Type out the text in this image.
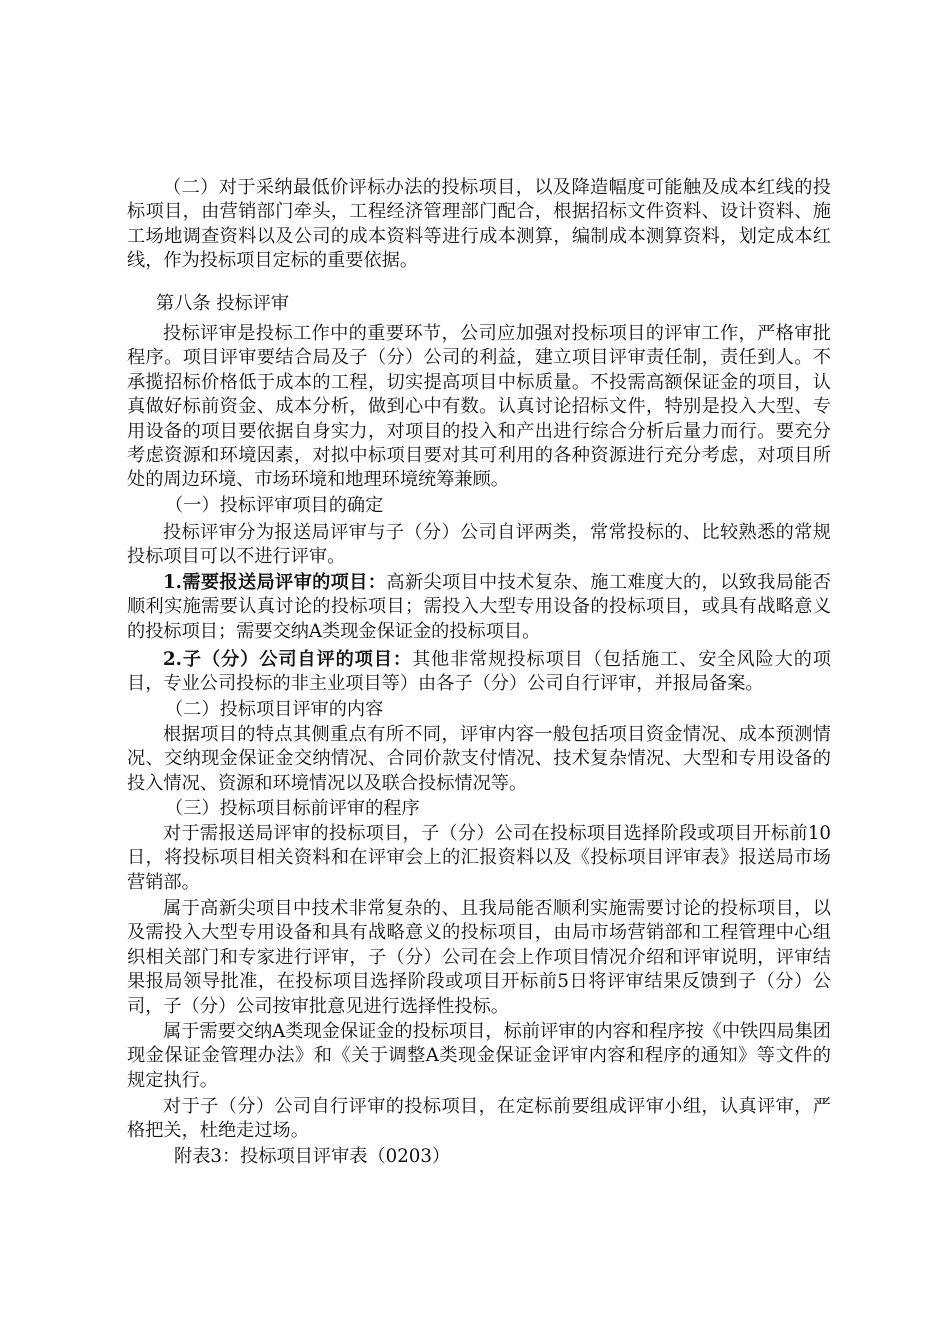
（二）对于采纳最低价评标办法的投标项目，以及降造幅度可能触及成本红线的投标项目，由营销部门牵头，工程经济管理部门配合，根据招标文件资料、设计资料、施工场地调查资料以及公司的成本资料等进行成本测算，编制成本测算资料，划定成本红线，作为投标项目定标的重要依据。

第八条 投标评审

投标评审是投标工作中的重要环节，公司应加强对投标项目的评审工作，严格审批程序。项目评审要结合局及子（分）公司的利益，建立项目评审责任制，责任到人。不承揽招标价格低于成本的工程，切实提高项目中标质量。不投需高额保证金的项目，认真做好标前资金、成本分析，做到心中有数。认真讨论招标文件，特别是投入大型、专用设备的项目要依据自身实力，对项目的投入和产出进行综合分析后量力而行。要充分考虑资源和环境因素，对拟中标项目要对其可利用的各种资源进行充分考虑，对项目所处的周边环境、市场环境和地理环境统筹兼顾。

（一）投标评审项目的确定

投标评审分为报送局评审与子（分）公司自评两类，常常投标的、比较熟悉的常规投标项目可以不进行评审。

1.需要报送局评审的项目：高新尖项目中技术复杂、施工难度大的，以致我局能否顺利实施需要认真讨论的投标项目；需投入大型专用设备的投标项目，或具有战略意义的投标项目；需要交纳A类现金保证金的投标项目。

2.子（分）公司自评的项目：其他非常规投标项目（包括施工、安全风险大的项目，专业公司投标的非主业项目等）由各子（分）公司自行评审，并报局备案。

（二）投标项目评审的内容

根据项目的特点其侧重点有所不同，评审内容一般包括项目资金情况、成本预测情况、交纳现金保证金交纳情况、合同价款支付情况、技术复杂情况、大型和专用设备的投入情况、资源和环境情况以及联合投标情况等。

（三）投标项目标前评审的程序

对于需报送局评审的投标项目，子（分）公司在投标项目选择阶段或项目开标前10日，将投标项目相关资料和在评审会上的汇报资料以及《投标项目评审表》报送局市场营销部。

属于高新尖项目中技术非常复杂的、且我局能否顺利实施需要讨论的投标项目，以及需投入大型专用设备和具有战略意义的投标项目，由局市场营销部和工程管理中心组织相关部门和专家进行评审，子（分）公司在会上作项目情况介绍和评审说明，评审结果报局领导批准，在投标项目选择阶段或项目开标前5日将评审结果反馈到子（分）公司，子（分）公司按审批意见进行选择性投标。

属于需要交纳A类现金保证金的投标项目，标前评审的内容和程序按《中铁四局集团现金保证金管理办法》和《关于调整A类现金保证金评审内容和程序的通知》等文件的规定执行。

对于子（分）公司自行评审的投标项目，在定标前要组成评审小组，认真评审，严格把关，杜绝走过场。

附表3：投标项目评审表（0203）
